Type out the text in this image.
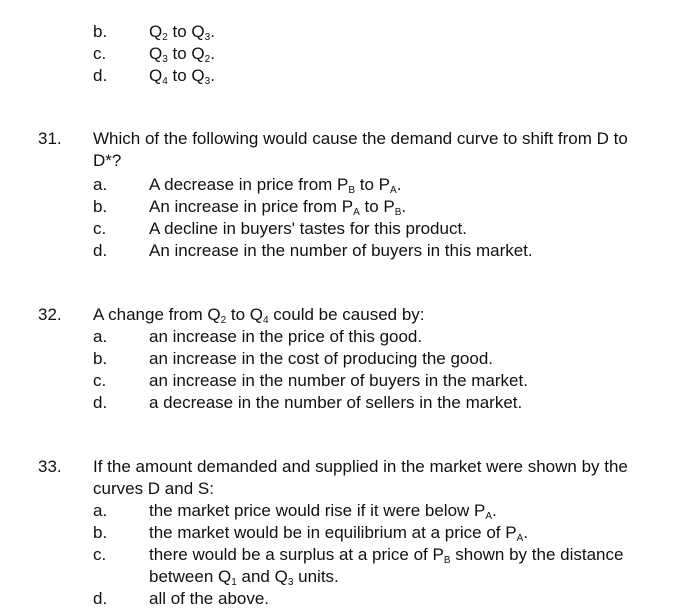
b.	$Q_2$ to $Q_3$.
c.	$Q_3$ to $Q_2$.
d.	$Q_4$ to $Q_3$.
31. Which of the following would cause the demand curve to shift from D to
D*?
a.	A decrease in price from $P_B$ to $P_A$.
b.	An increase in price from $P_A$ to $P_B$.
c.	A decline in buyers' tastes for this product.
d.	An increase in the number of buyers in this market.
32. A change from $Q_2$ to $Q_4$ could be caused by:
a.	an increase in the price of this good.
b.	an increase in the cost of producing the good.
c.	an increase in the number of buyers in the market.
d.	a decrease in the number of sellers in the market.
33. If the amount demanded and supplied in the market were shown by the
curves D and S:
a.	the market price would rise if it were below $P_A$.
b.	the market would be in equilibrium at a price of $P_A$.
c.	there would be a surplus at a price of $P_B$ shown by the distance
between $Q_1$ and $Q_3$ units.
d.	all of the above.
